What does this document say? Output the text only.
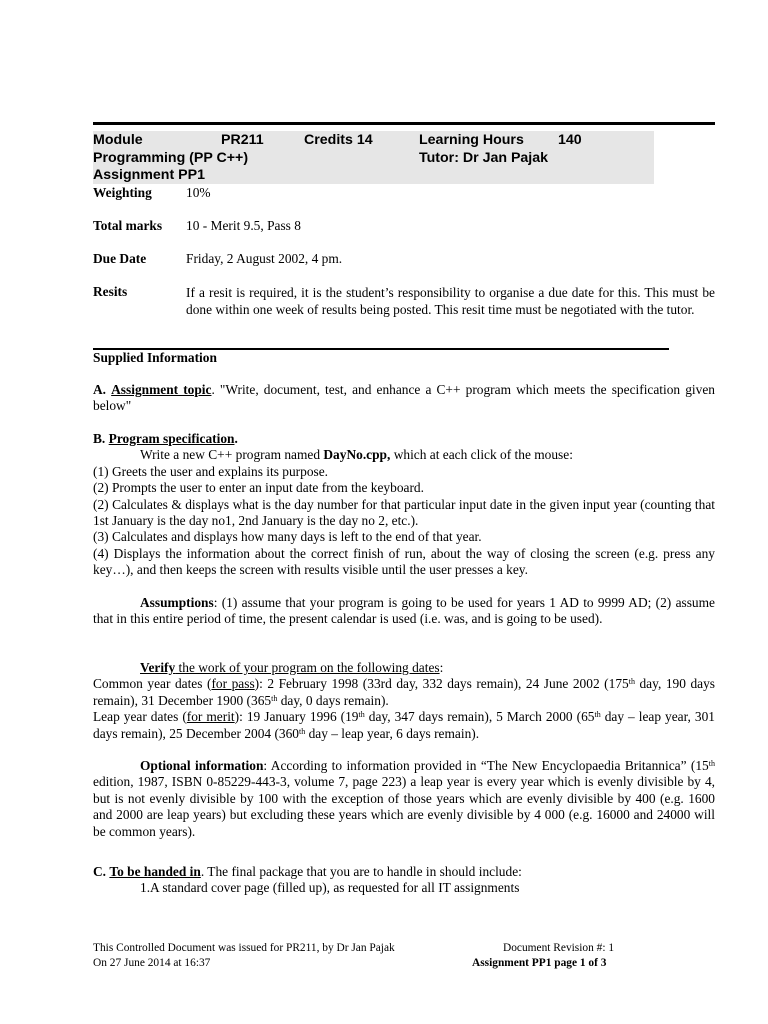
Module	PR211	Credits 14	Learning Hours 140
Programming (PP C++)	Tutor: Dr Jan Pajak
Assignment PP1
Weighting	10%
Total marks 10 - Merit 9.5, Pass 8
Due Date	Friday, 2 August 2002, 4 pm.
Resits	If a resit is required, it is the student’s responsibility to organise a due date for this. This must be done within one week of results being posted. This resit time must be negotiated with the tutor.
Supplied Information
A. Assignment topic. "Write, document, test, and enhance a C++ program which meets the specification given below"
B. Program specification.
Write a new C++ program named DayNo.cpp, which at each click of the mouse:
(1) Greets the user and explains its purpose.
(2) Prompts the user to enter an input date from the keyboard.
(2) Calculates & displays what is the day number for that particular input date in the given input year (counting that 1st January is the day no1, 2nd January is the day no 2, etc.).
(3) Calculates and displays how many days is left to the end of that year.
(4) Displays the information about the correct finish of run, about the way of closing the screen (e.g. press any key…), and then keeps the screen with results visible until the user presses a key.
Assumptions: (1) assume that your program is going to be used for years 1 AD to 9999 AD; (2) assume that in this entire period of time, the present calendar is used (i.e. was, and is going to be used).
Verify the work of your program on the following dates:
Common year dates (for pass): 2 February 1998 (33rd day, 332 days remain), 24 June 2002 (175th day, 190 days remain), 31 December 1900 (365th day, 0 days remain).
Leap year dates (for merit): 19 January 1996 (19th day, 347 days remain), 5 March 2000 (65th day – leap year, 301 days remain), 25 December 2004 (360th day – leap year, 6 days remain).
Optional information: According to information provided in “The New Encyclopaedia Britannica” (15th edition, 1987, ISBN 0-85229-443-3, volume 7, page 223) a leap year is every year which is evenly divisible by 4, but is not evenly divisible by 100 with the exception of those years which are evenly divisible by 400 (e.g. 1600 and 2000 are leap years) but excluding these years which are evenly divisible by 4 000 (e.g. 16000 and 24000 will be common years).
C. To be handed in. The final package that you are to handle in should include:
1.A standard cover page (filled up), as requested for all IT assignments
This Controlled Document was issued for PR211, by Dr Jan Pajak
On 27 June 2014 at 16:37
Document Revision #: 1
Assignment PP1 page 1 of 3
